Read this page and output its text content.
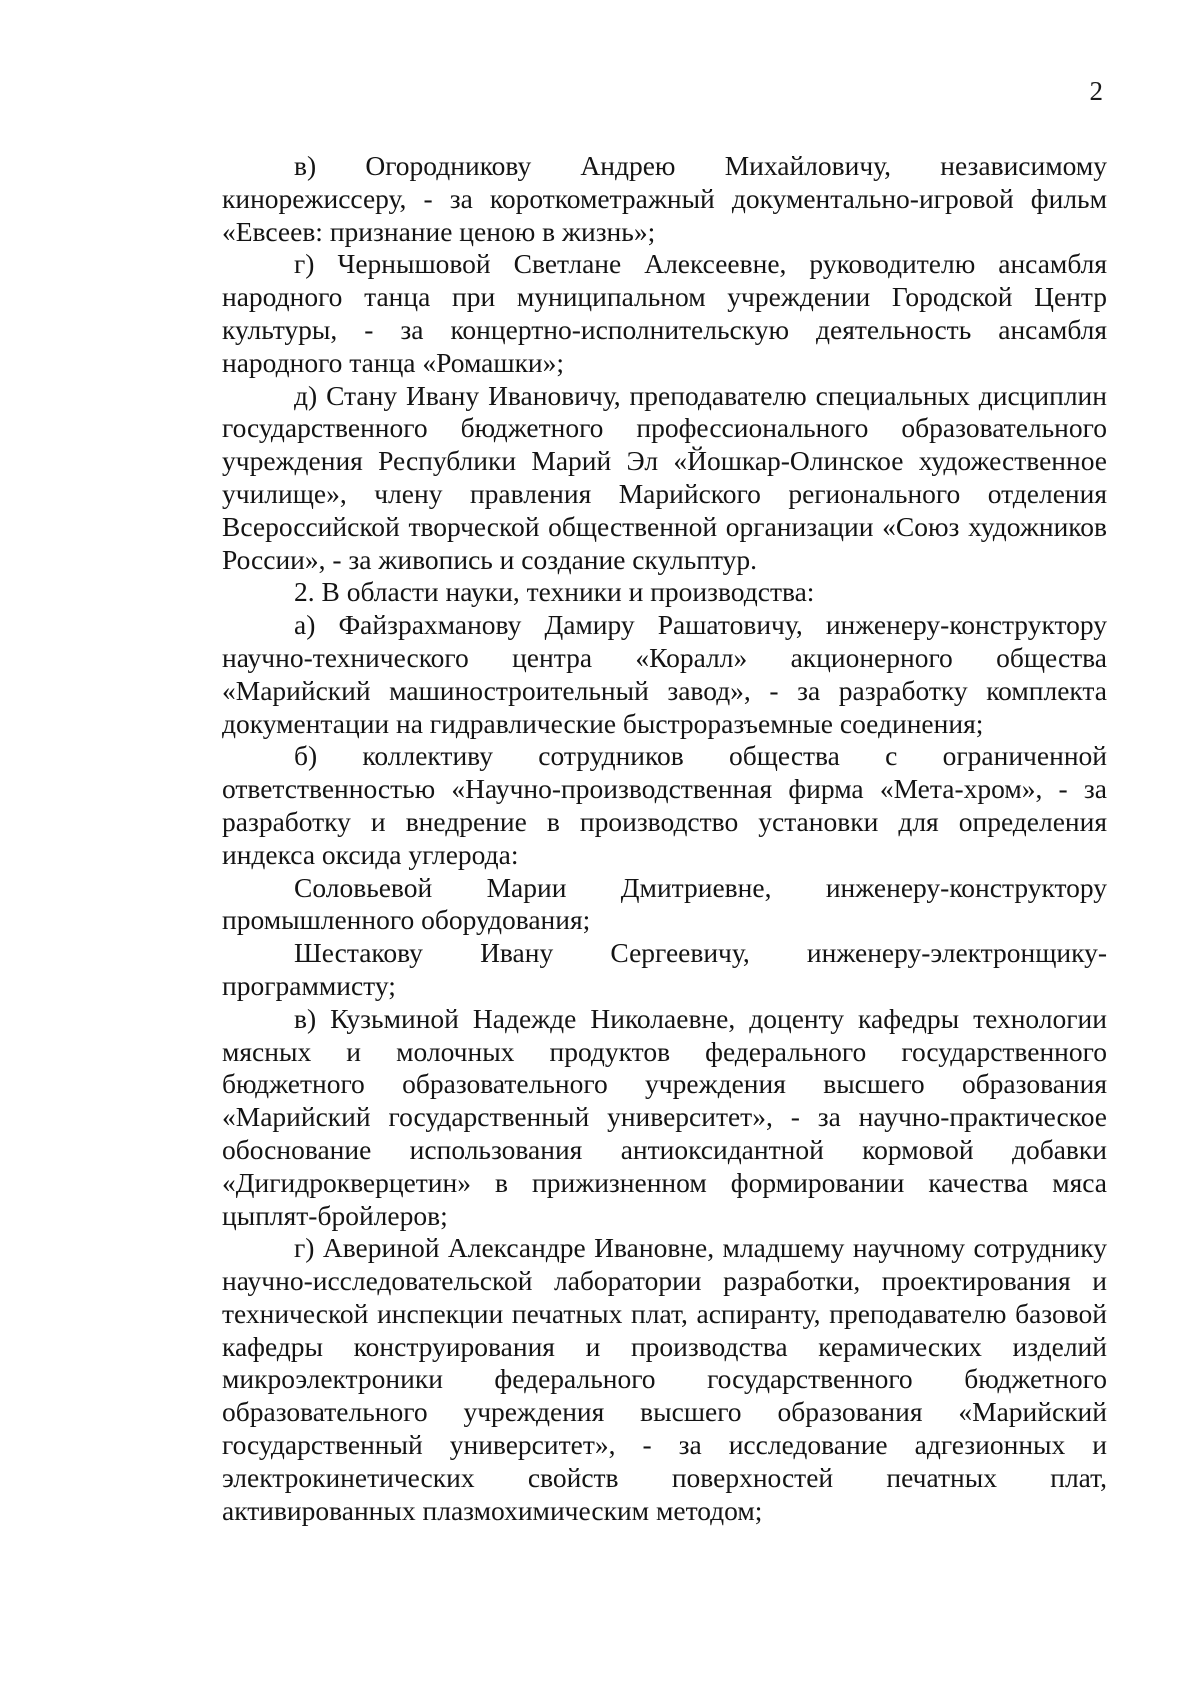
2

в) Огородникову Андрею Михайловичу, независимому кинорежиссеру, - за короткометражный документально-игровой фильм «Евсеев: признание ценою в жизнь»;

г) Чернышовой Светлане Алексеевне, руководителю ансамбля народного танца при муниципальном учреждении Городской Центр культуры, - за концертно-исполнительскую деятельность ансамбля народного танца «Ромашки»;

д) Стану Ивану Ивановичу, преподавателю специальных дисциплин государственного бюджетного профессионального образовательного учреждения Республики Марий Эл «Йошкар-Олинское художественное училище», члену правления Марийского регионального отделения Всероссийской творческой общественной организации «Союз художников России», - за живопись и создание скульптур.

2. В области науки, техники и производства:

а) Файзрахманову Дамиру Рашатовичу, инженеру-конструктору научно-технического центра «Коралл» акционерного общества «Марийский машиностроительный завод», - за разработку комплекта документации на гидравлические быстроразъемные соединения;

б) коллективу сотрудников общества с ограниченной ответственностью «Научно-производственная фирма «Мета-хром», - за разработку и внедрение в производство установки для определения индекса оксида углерода:

Соловьевой Марии Дмитриевне, инженеру-конструктору промышленного оборудования;

Шестакову Ивану Сергеевичу, инженеру-электронщику-программисту;

в) Кузьминой Надежде Николаевне, доценту кафедры технологии мясных и молочных продуктов федерального государственного бюджетного образовательного учреждения высшего образования «Марийский государственный университет», - за научно-практическое обоснование использования антиоксидантной кормовой добавки «Дигидрокверцетин» в прижизненном формировании качества мяса цыплят-бройлеров;

г) Авериной Александре Ивановне, младшему научному сотруднику научно-исследовательской лаборатории разработки, проектирования и технической инспекции печатных плат, аспиранту, преподавателю базовой кафедры конструирования и производства керамических изделий микроэлектроники федерального государственного бюджетного образовательного учреждения высшего образования «Марийский государственный университет», - за исследование адгезионных и электрокинетических свойств поверхностей печатных плат, активированных плазмохимическим методом;
